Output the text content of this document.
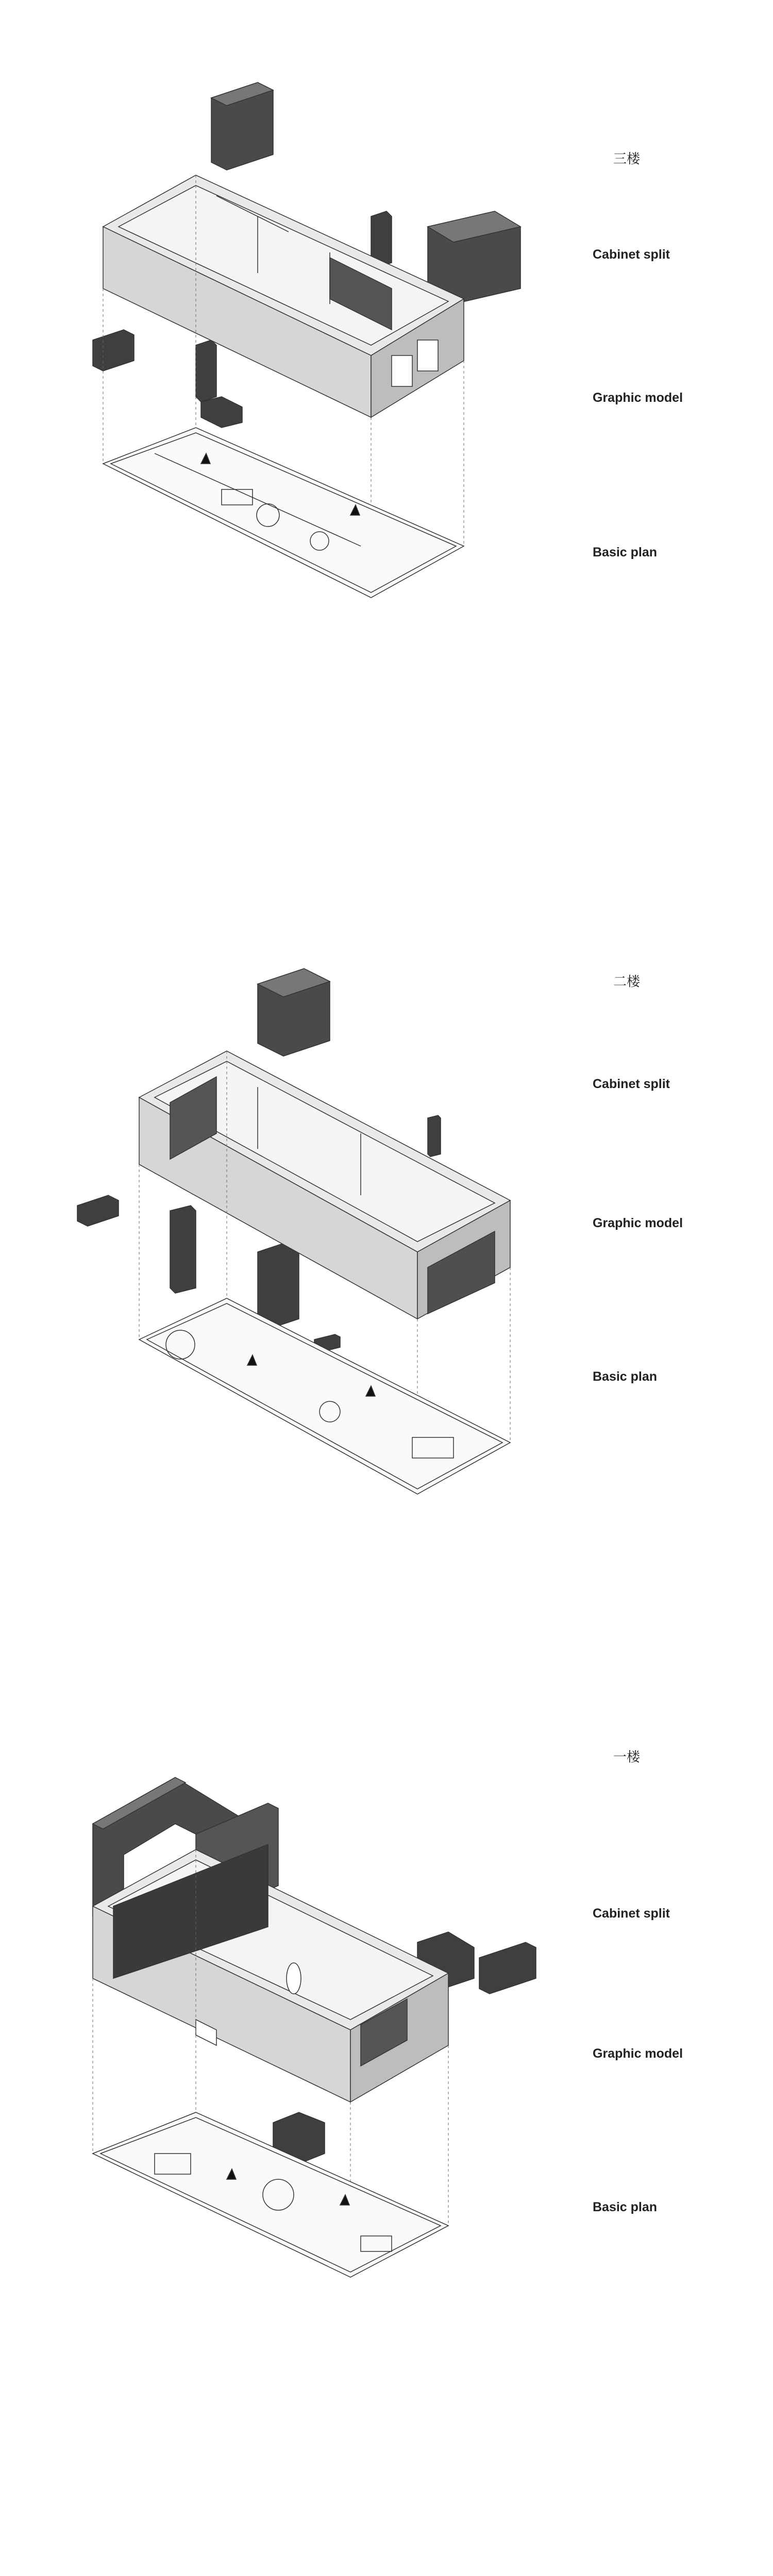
三楼
Cabinet split
Graphic model
Basic plan
二楼
Cabinet split
Graphic model
Basic plan
一楼
Cabinet split
Graphic model
Basic plan
